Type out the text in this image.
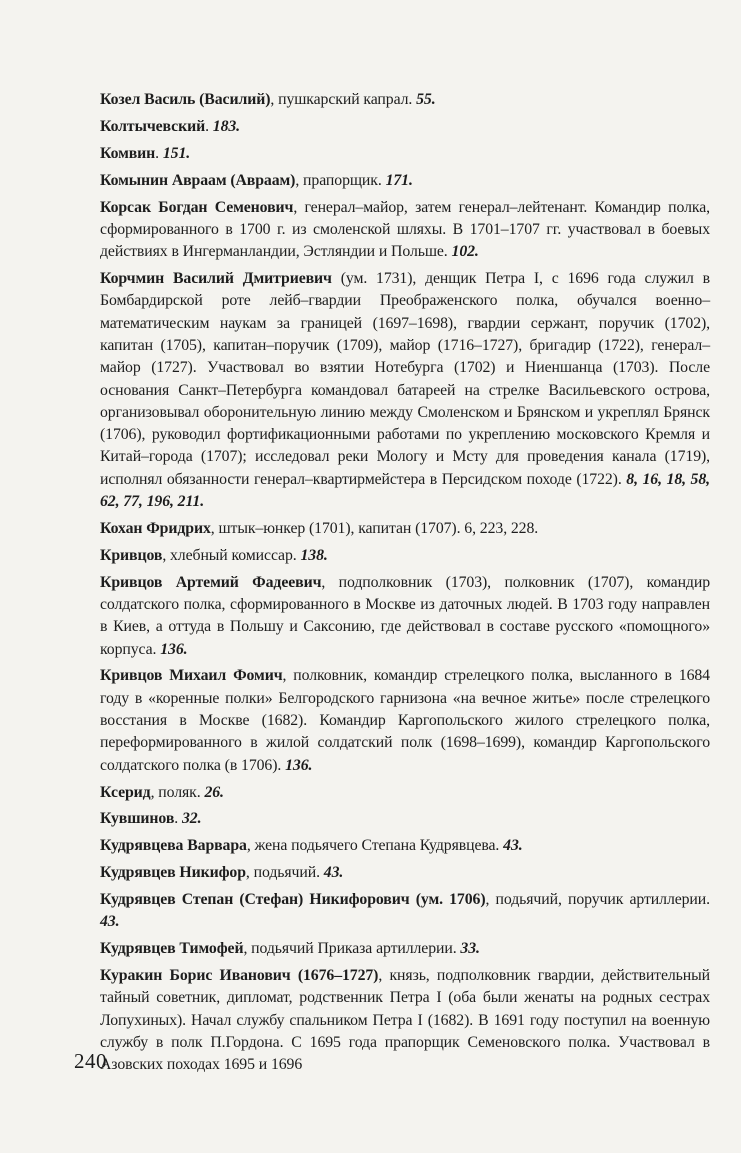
Козел Василь (Василий), пушкарский капрал. 55.

Колтычевский. 183.

Комвин. 151.

Комынин Авраам (Авраам), прапорщик. 171.

Корсак Богдан Семенович, генерал–майор, затем генерал–лейтенант. Командир полка, сформированного в 1700 г. из смоленской шляхы. В 1701–1707 гг. участвовал в боевых действиях в Ингерманландии, Эстляндии и Польше. 102.

Корчмин Василий Дмитриевич (ум. 1731), денщик Петра I, с 1696 года служил в Бомбардирской роте лейб–гвардии Преображенского полка, обучался военно–математическим наукам за границей (1697–1698), гвардии сержант, поручик (1702), капитан (1705), капитан–поручик (1709), майор (1716–1727), бригадир (1722), генерал–майор (1727). Участвовал во взятии Нотебурга (1702) и Ниеншанца (1703). После основания Санкт–Петербурга командовал батареей на стрелке Васильевского острова, организовывал оборонительную линию между Смоленском и Брянском и укреплял Брянск (1706), руководил фортификационными работами по укреплению московского Кремля и Китай–города (1707); исследовал реки Мологу и Мсту для проведения канала (1719), исполнял обязанности генерал–квартирмейстера в Персидском походе (1722). 8, 16, 18, 58, 62, 77, 196, 211.

Кохан Фридрих, штык–юнкер (1701), капитан (1707). 6, 223, 228.

Кривцов, хлебный комиссар. 138.

Кривцов Артемий Фадеевич, подполковник (1703), полковник (1707), командир солдатского полка, сформированного в Москве из даточных людей. В 1703 году направлен в Киев, а оттуда в Польшу и Саксонию, где действовал в составе русского «помощного» корпуса. 136.

Кривцов Михаил Фомич, полковник, командир стрелецкого полка, высланного в 1684 году в «коренные полки» Белгородского гарнизона «на вечное житье» после стрелецкого восстания в Москве (1682). Командир Каргопольского жилого стрелецкого полка, переформированного в жилой солдатский полк (1698–1699), командир Каргопольского солдатского полка (в 1706). 136.

Ксерид, поляк. 26.

Кувшинов. 32.

Кудрявцева Варвара, жена подьячего Степана Кудрявцева. 43.

Кудрявцев Никифор, подьячий. 43.

Кудрявцев Степан (Стефан) Никифорович (ум. 1706), подьячий, поручик артиллерии. 43.

Кудрявцев Тимофей, подьячий Приказа артиллерии. 33.

Куракин Борис Иванович (1676–1727), князь, подполковник гвардии, действительный тайный советник, дипломат, родственник Петра I (оба были женаты на родных сестрах Лопухиных). Начал службу спальником Петра I (1682). В 1691 году поступил на военную службу в полк П.Гордона. С 1695 года прапорщик Семеновского полка. Участвовал в Азовских походах 1695 и 1696

240
